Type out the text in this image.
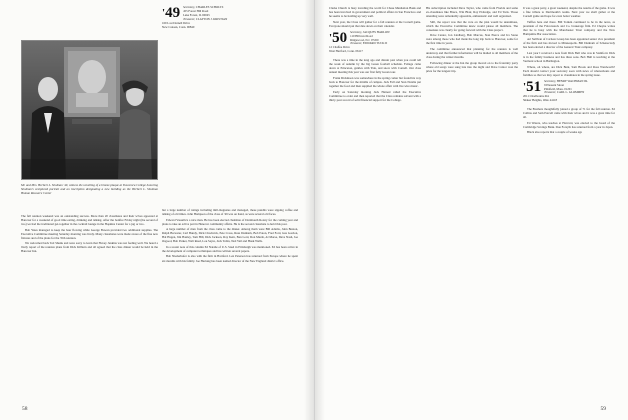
'49	Secretary, CHARLES SCHOLTZ
455 Forest Hill Road
Lake Forest, IL 60045
Treasurer, CLAYTON J. KRISTIAN
169 Lost Darnell Drive
New Canaan, Conn. 06840
Mr. and Mrs. Herbert L. Shulman '49, witness the unveiling of a bronze plaque at Tuscarora College honoring Shulman's sculptured portrait and an inscription designating a new building as the Herbert L. Shulman Human Resource Center

The fall reunion weekend was an outstanding success. More than 20 classmates and their wives appeared at Hanover for a weekend of good time eating, drinking and talking. After the bonfire Friday night (the second of two) we had the traditional get-together in the cocktail lounge in the Hopkins Center for a jug or two.

Bob Yates managed to keep the beer flowing while George Bowen provided two additional supplies. The Executive Committee meeting Saturday morning was lively. Many classmates were made aware of the fine new fixtures and of the plans for the 35th reunion.

We welcomed back Ted Shunk and were sorry to learn that Hovey Jenkins was not feeling well. We heard a lively report of the reunion plans from Dick Kilburn and all agreed that the class dinner would be held in the Hanover Inn.

but a large number of ratings including mill-magnates and managed, these pundits were sipping coffee and talking of old times. John Hampson of the class of '49 was on hand, as were several old faces.

Edward Vassallo's a nice man. He has been elected chairman of Dartmouth Rotary for the coming year and plans to take an active part in Hanover community affairs. He is the second classmate to hold this post.

A large number of men from the class came to the dinner. Among them were Bill Adams, John Beaton, Ralph Brewster, Carl Bundy, Dick Chadwick, Pete Cross, Russ Dunham, Bob Eaton, Fred Ford, Gus Gordon, Hal Hagen, Jim Hanley, Tom Hill, Dick Jackson, Ray Kern, Ben Lord, Don Marsh, Al Morse, Dave Nash, Joe Osgood, Bob Parker, Walt Reed, Lou Sayre, Jack Tobin, Ned Vail and Hank Wells.

In a recent note of this column Ed Natalie of U.S. Steel in Pittsburgh was mentioned. Ed has been active in the development of computer techniques and has written several papers.

Bob Niederhofer is also with the firm in Hartford. Len Peterson has returned from Europe where he spent six months with his family. Joe Hartung has been named director of the New England district office.

58

Clarke Church is busy traveling the world for Chase Manhattan Bank and has been involved in government and political affairs in San Francisco and he seems to be holding up very well.

Next year, the Class will gather for a fall reunion at the Cornell game. Everyone should put that date down on their calendar.

'50	Secretary, JACQUES HARLOW
110 Hillcrest Road
Ridgewood, N.J. 07450
Treasurer, EDWARD TUCK II
12 Chaffee Drive
West Hartford, Conn. 06117

There was a time in the long ago and distant past when you could tell the week of autumn by the big Green football schedule. Foliage came down at Princeton, gentles with Yale, and snow with Cornell. Our class annual meeting this year was our first fully Green tour.

Frank Dickinson was somewhere in the spring comer but found his way back to Hanover for the middle of campus. Jack Fell and Stan Natalie put together the food and then supplied the whole affair with live wire music.

Early on Saturday morning Jack Harned called the Executive Committee to order and then reported that the Class remains solvent with a thirty-year record of solid financial support for the College.

His subscription included Dave Taylor, who came from Florida and some ex-classmates like Bruce, Win Blair, Ray Eldredge, and Ed Tuck. Those attending were remarkably agreeable, enthusiastic and well organized.

Still, the report was that the vote on the plan would be unanimous, which the Executive Committee knew would please all members. The consensus was clearly for going forward with the Class project.

Dave Cantor, Jon Lindberg, Bob Marcus, Stan Pierce and Ira Stone were among those who had made the long trip back to Hanover, some for the first time in years.

The committee announced that planning for the reunion is well underway and that further information will be mailed to all members of the class during the winter months.

Following dinner at the Inn the group moved on to the fraternity party where old songs were sung late into the night and Dave Cantor won the prize for the longest trip.

It was a great party, a great weekend, despite the results of the game. It was a fine tribute to Dartmouth's teams. Next year we shall gather at the Cornell game and hope for even better weather.

Tuffies here and there. Bill Tonkin continued to be in the news, as president of the Falconstock and Co. brokerage firm. Ed Cheyne writes that he is busy with the Manchester Trust company and the New Hampshire Bar association.

Art Sullivan of Carlson Group has been appointed senior vice president of the firm and has moved to Minneapolis. Bill Dunham of Schenectady has been elected a director of the General Trust company.

Last year I received a note from Dick Bell who was in Stamford. Dick is in the family business and has three sons. Bob Hull is teaching at the Vermont school in Burlington.

Where, oh where, are Dick Bent, Sam Brook and Ross Wentworth? Each should contact your secretary soon with news of whereabouts and families so that we may report to classmates in the spring issue.

'51	Secretary, HENRY WACHMAN JR.
9 Pleasant Street
Pittsfield, Mass. 01201
Treasurer, CARL L. GLOMMEN
2011 Chadbourne Rd.
Shaker Heights, Ohio 44118

The Brothers thoughtfully joined a group of 71 for the fall reunion. Ed Collins and Sam Purcell came with their wives and it was a great time for all.

Ed Waters, who teaches at Harvard, was elected to the board of the Cambridge Savings Bank. Don Forsyth has returned from a year in Japan.

Black also reports that a couple of weeks ago

59
